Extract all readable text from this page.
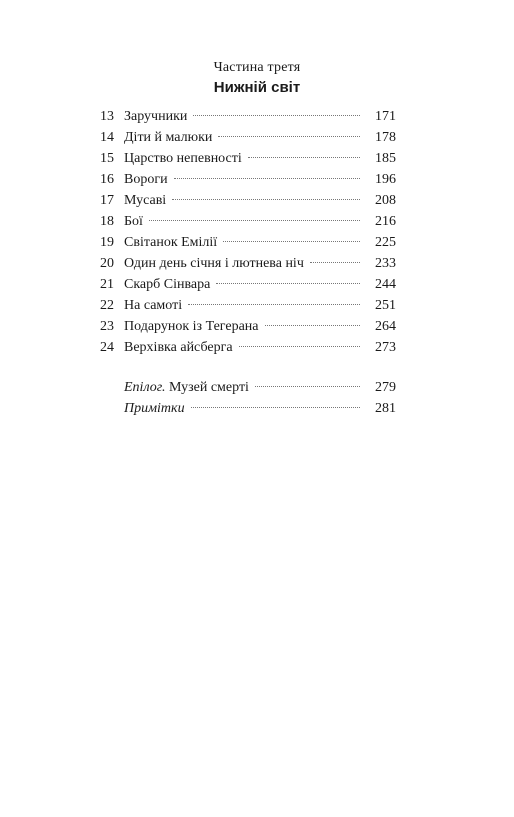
Частина третя
Нижній світ
13 Заручники	171
14 Діти й малюки	178
15 Царство непевності	185
16 Вороги	196
17 Мусаві	208
18 Бої	216
19 Світанок Емілії	225
20 Один день січня і лютнева ніч	233
21 Скарб Сінвара	244
22 На самоті	251
23 Подарунок із Тегерана	264
24 Верхівка айсберга	273
Епілог. Музей смерті	279
Примітки	281
